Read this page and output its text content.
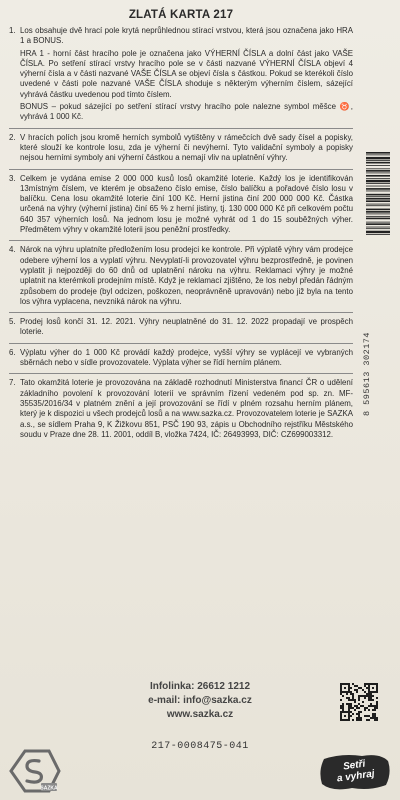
ZLATÁ KARTA 217
1. Los obsahuje dvě hrací pole krytá neprůhlednou stírací vrstvou, která jsou označena jako HRA 1 a BONUS.

HRA 1 - horní část hracího pole je označena jako VÝHERNÍ ČÍSLA a dolní část jako VAŠE ČÍSLA. Po setření stírací vrstvy hracího pole se v části nazvané VÝHERNÍ ČÍSLA objeví 4 výherní čísla a v části nazvané VAŠE ČÍSLA se objeví čísla s částkou. Pokud se kterékoli číslo uvedené v části pole nazvané VAŠE ČÍSLA shoduje s některým výherním číslem, sázející vyhrává částku uvedenou pod tímto číslem.

BONUS – pokud sázející po setření stírací vrstvy hracího pole nalezne symbol měšce ♉, vyhrává 1 000 Kč.

2. V hracích polích jsou kromě herních symbolů vytištěny v rámečcích dvě sady čísel a popisky, které slouží ke kontrole losu, zda je výherní či nevýherní. Tyto validační symboly a popisky nejsou herními symboly ani výherní částkou a nemají vliv na uplatnění výhry.

3. Celkem je vydána emise 2 000 000 kusů losů okamžité loterie. Každý los je identifikován 13místným číslem, ve kterém je obsaženo číslo emise, číslo balíčku a pořadové číslo losu v balíčku. Cena losu okamžité loterie činí 100 Kč. Herní jistina činí 200 000 000 Kč. Částka určená na výhry (výherní jistina) činí 65 % z herní jistiny, tj. 130 000 000 Kč při celkovém počtu 640 357 výherních losů. Na jednom losu je možné vyhrát od 1 do 15 souběžných výher. Předmětem výhry v okamžité loterii jsou peněžní prostředky.

4. Nárok na výhru uplatníte předložením losu prodejci ke kontrole. Při výplatě výhry vám prodejce odebere výherní los a vyplatí výhru. Nevyplatí-li provozovatel výhru bezprostředně, je povinen vyplatit ji nejpozději do 60 dnů od uplatnění nároku na výhru. Reklamaci výhry je možné uplatnit na kterémkoli prodejním místě. Když je reklamací zjištěno, že los nebyl předán řádným způsobem do prodeje (byl odcizen, poškozen, neoprávněně upravován) nebo již byla na tento los výhra vyplacena, nevzniká nárok na výhru.

5. Prodej losů končí 31. 12. 2021. Výhry neuplatněné do 31. 12. 2022 propadají ve prospěch loterie.

6. Výplatu výher do 1 000 Kč provádí každý prodejce, vyšší výhry se vyplácejí ve vybraných sběrnách nebo v sídle provozovatele. Výplata výher se řídí herním plánem.

7. Tato okamžitá loterie je provozována na základě rozhodnutí Ministerstva financí ČR o udělení základního povolení k provozování loterií ve správním řízení vedeném pod sp. zn. MF-35535/2016/34 v platném znění a její provozování se řídí v plném rozsahu herním plánem, který je k dispozici u všech prodejců losů a na www.sazka.cz. Provozovatelem loterie je SAZKA a.s., se sídlem Praha 9, K Žižkovu 851, PSČ 190 93, zápis u Obchodního rejstříku Městského soudu v Praze dne 28. 11. 2001, oddíl B, vložka 7424, IČ: 26493993, DIČ: CZ699003312.

8 595613 302174
Infolinka: 26612 1212
e-mail: info@sazka.cz
www.sazka.cz
217-0008475-041
SAZKA
Setři
a vyhraj
